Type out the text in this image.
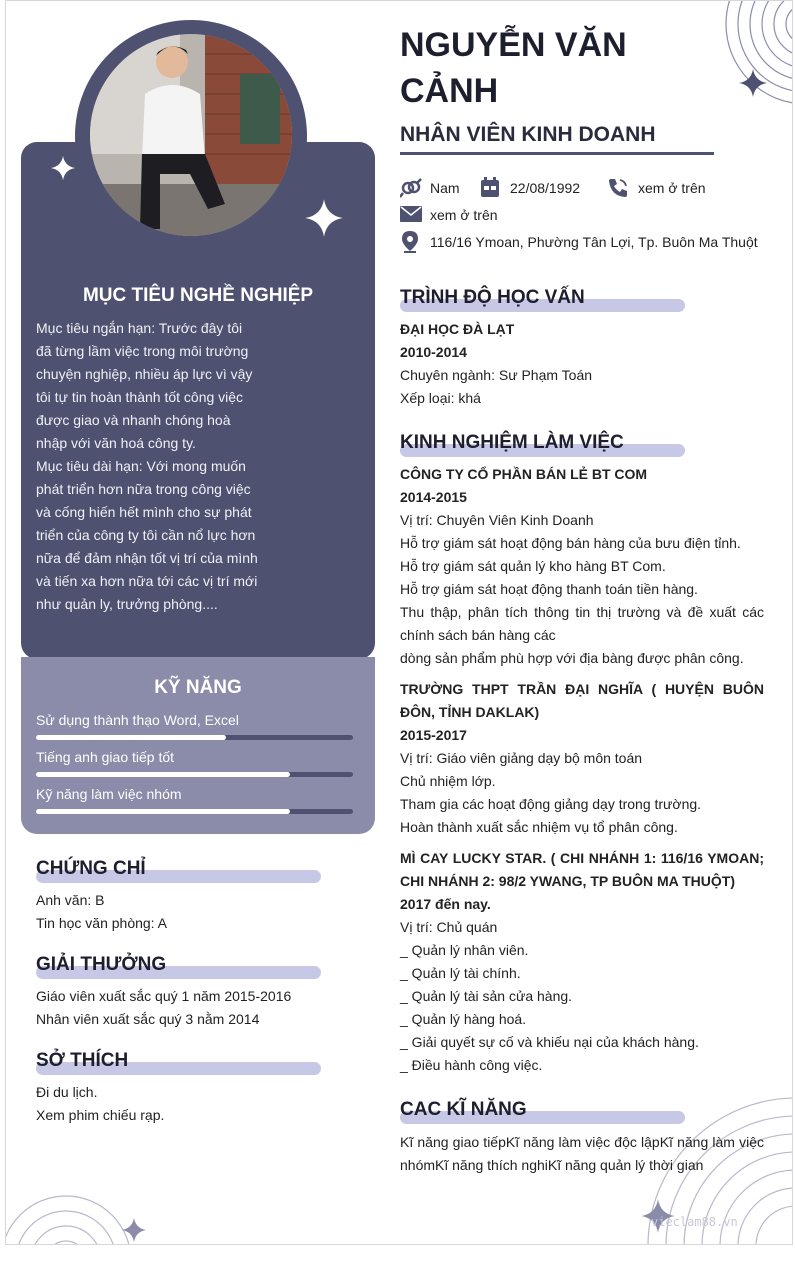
MỤC TIÊU NGHỀ NGHIỆP

Mục tiêu ngắn hạn: Trước đây tôi đã từng lầm việc trong môi trường chuyện nghiệp, nhiều áp lực vì vậy tôi tự tin hoàn thành tốt công việc được giao và nhanh chóng hoà nhập với văn hoá công ty.

Mục tiêu dài hạn: Với mong muốn phát triển hơn nữa trong công việc và cống hiến hết mình cho sự phát triển của công ty tôi cần nổ lực hơn nữa để đảm nhận tốt vị trí của mình và tiến xa hơn nữa tới các vị trí mới như quản ly, trưởng phòng....

KỸ NĂNG
Sử dụng thành thạo Word, Excel
Tiếng anh giao tiếp tốt
Kỹ năng làm việc nhóm
CHỨNG CHỈ

Anh văn: B

Tin học văn phòng: A

GIẢI THƯỞNG

Giáo viên xuất sắc quý 1 năm 2015-2016

Nhân viên xuất sắc quý 3 nằm 2014

SỞ THÍCH

Đi du lịch.

Xem phim chiếu rạp.

NGUYỄN VĂN CẢNH
NHÂN VIÊN KINH DOANH
Nam	22/08/1992	xem ở trên
xem ở trên
116/16 Ymoan, Phường Tân Lợi, Tp. Buôn Ma Thuột
TRÌNH ĐỘ HỌC VẤN

ĐẠI HỌC ĐÀ LẠT

2010-2014

Chuyên ngành: Sư Phạm Toán

Xếp loại: khá

KINH NGHIỆM LÀM VIỆC

CÔNG TY CỔ PHẦN BÁN LẺ BT COM

2014-2015

Vị trí: Chuyên Viên Kinh Doanh

Hỗ trợ giám sát hoạt động bán hàng của bưu điện tỉnh.

Hỗ trợ giám sát quản lý kho hàng BT Com.

Hỗ trợ giám sát hoạt động thanh toán tiền hàng.

Thu thập, phân tích thông tin thị trường và đề xuất các chính sách bán hàng các

dòng sản phẩm phù hợp với địa bàng được phân công.

TRƯỜNG THPT TRẦN ĐẠI NGHĨA ( HUYỆN BUÔN ĐÔN, TỈNH DAKLAK)

2015-2017

Vị trí: Giáo viên giảng dạy bộ môn toán

Chủ nhiệm lớp.

Tham gia các hoạt động giảng dạy trong trường.

Hoàn thành xuất sắc nhiệm vụ tổ phân công.

MÌ CAY LUCKY STAR. ( CHI NHÁNH 1: 116/16 YMOAN; CHI NHÁNH 2: 98/2 YWANG, TP BUÔN MA THUỘT)

2017 đến nay.

Vị trí: Chủ quán

_ Quản lý nhân viên.

_ Quản lý tài chính.

_ Quản lý tài sản cửa hàng.

_ Quản lý hàng hoá.

_ Giải quyết sự cố và khiếu nại của khách hàng.

_ Điều hành công việc.

CAC KĨ NĂNG

Kĩ năng giao tiếpKĩ năng làm việc độc lậpKĩ năng làm việc nhómKĩ năng thích nghiKĩ năng quản lý thời gian

vieclam88.vn
